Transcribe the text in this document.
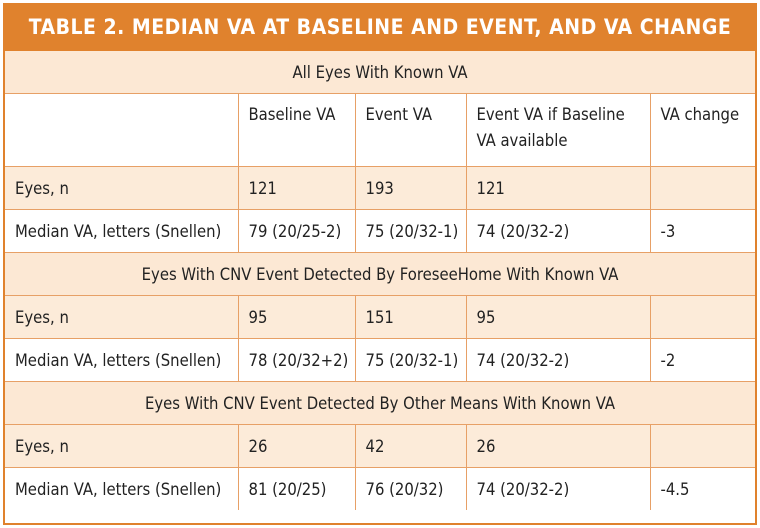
TABLE 2. MEDIAN VA AT BASELINE AND EVENT, AND VA CHANGE
All Eyes With Known VA				
	Baseline VA	Event VA	Event VA if Baseline VA available	VA change
Eyes, n	121	193	121	
Median VA, letters (Snellen)	79 (20/25-2)	75 (20/32-1)	74 (20/32-2)	-3
Eyes With CNV Event Detected By ForeseeHome With Known VA				
Eyes, n	95	151	95	
Median VA, letters (Snellen)	78 (20/32+2)	75 (20/32-1)	74 (20/32-2)	-2
Eyes With CNV Event Detected By Other Means With Known VA				
Eyes, n	26	42	26	
Median VA, letters (Snellen)	81 (20/25)	76 (20/32)	74 (20/32-2)	-4.5
